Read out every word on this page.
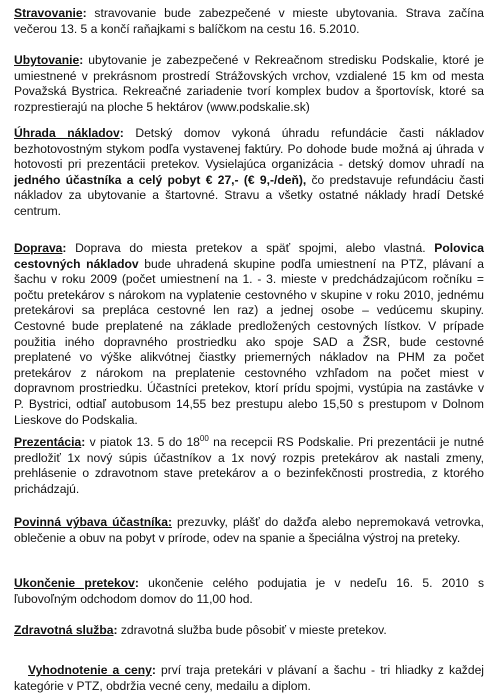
Stravovanie: stravovanie bude zabezpečené v mieste ubytovania. Strava začína večerou 13. 5 a končí raňajkami s balíčkom na cestu 16. 5.2010.

Ubytovanie: ubytovanie je zabezpečené v Rekreačnom stredisku Podskalie, ktoré je umiestnené v prekrásnom prostredí Strážovských vrchov, vzdialené 15 km od mesta Považská Bystrica. Rekreačné zariadenie tvorí komplex budov a športovísk, ktoré sa rozprestierajú na ploche 5 hektárov (www.podskalie.sk)

Úhrada nákladov: Detský domov vykoná úhradu refundácie časti nákladov bezhotovostným stykom podľa vystavenej faktúry. Po dohode bude možná aj úhrada v hotovosti pri prezentácii pretekov. Vysielajúca organizácia - detský domov uhradí na jedného účastníka a celý pobyt € 27,- (€ 9,-/deň), čo predstavuje refundáciu časti nákladov za ubytovanie a štartovné. Stravu a všetky ostatné náklady hradí Detské centrum.

Doprava: Doprava do miesta pretekov a späť spojmi, alebo vlastná. Polovica cestovných nákladov bude uhradená skupine podľa umiestnení na PTZ, plávaní a šachu v roku 2009 (počet umiestnení na 1. - 3. mieste v predchádzajúcom ročníku = počtu pretekárov s nárokom na vyplatenie cestovného v skupine v roku 2010, jednému pretekárovi sa prepláca cestovné len raz) a jednej osobe – vedúcemu skupiny. Cestovné bude preplatené na základe predložených cestovných lístkov. V prípade použitia iného dopravného prostriedku ako spoje SAD a ŽSR, bude cestovné preplatené vo výške alikvótnej čiastky priemerných nákladov na PHM za počet pretekárov z nárokom na preplatenie cestovného vzhľadom na počet miest v dopravnom prostriedku. Účastníci pretekov, ktorí prídu spojmi, vystúpia na zastávke v P. Bystrici, odtiaľ autobusom 14,55 bez prestupu alebo 15,50 s prestupom v Dolnom Lieskove do Podskalia.

Prezentácia: v piatok 13. 5 do $18^{00}$ na recepcii RS Podskalie. Pri prezentácii je nutné predložiť 1x nový súpis účastníkov a 1x nový rozpis pretekárov ak nastali zmeny, prehlásenie o zdravotnom stave pretekárov a o bezinfekčnosti prostredia, z ktorého prichádzajú.

Povinná výbava účastníka: prezuvky, plášť do dažďa alebo nepremokavá vetrovka, oblečenie a obuv na pobyt v prírode, odev na spanie a špeciálna výstroj na preteky.

Ukončenie pretekov: ukončenie celého podujatia je v nedeľu 16. 5. 2010 s ľubovoľným odchodom domov do 11,00 hod.

Zdravotná služba: zdravotná služba bude pôsobiť v mieste pretekov.

Vyhodnotenie a ceny: prví traja pretekári v plávaní a šachu - tri hliadky z každej kategórie v PTZ, obdržia vecné ceny, medailu a diplom.
